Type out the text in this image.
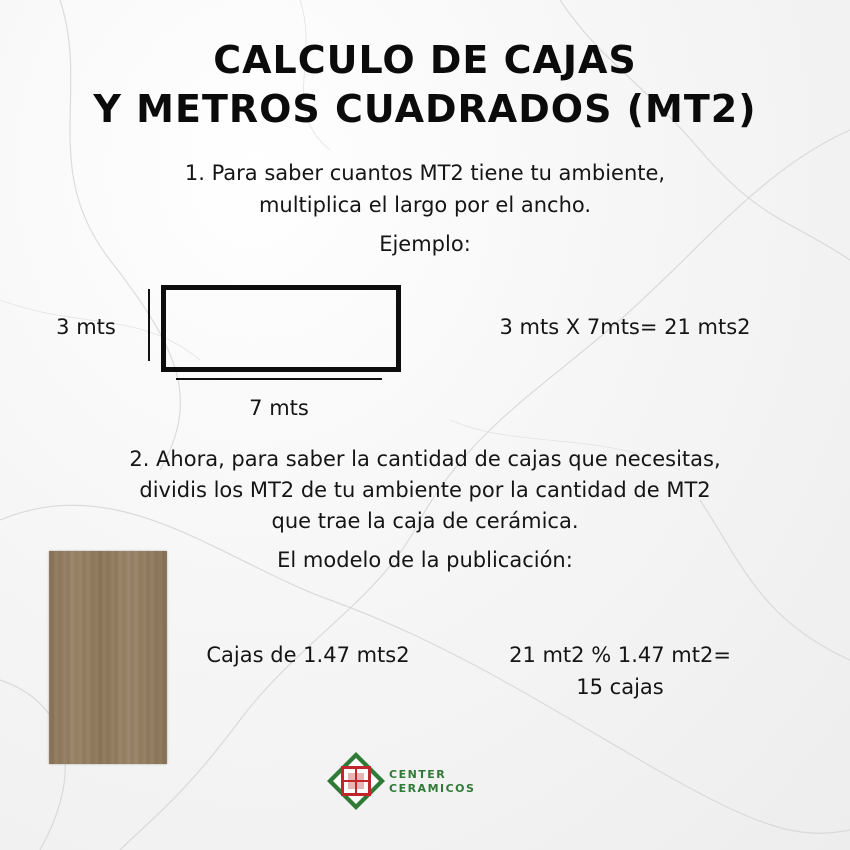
CALCULO DE CAJAS
Y METROS CUADRADOS (MT2)
1. Para saber cuantos MT2 tiene tu ambiente,
multiplica el largo por el ancho.
Ejemplo:
3 mts
7 mts
3 mts X 7mts= 21 mts2
2. Ahora, para saber la cantidad de cajas que necesitas,
dividis los MT2 de tu ambiente por la cantidad de MT2
que trae la caja de cerámica.
El modelo de la publicación:
Cajas de 1.47 mts2	21 mt2 % 1.47 mt2=
15 cajas
CENTER
CERAMICOS
